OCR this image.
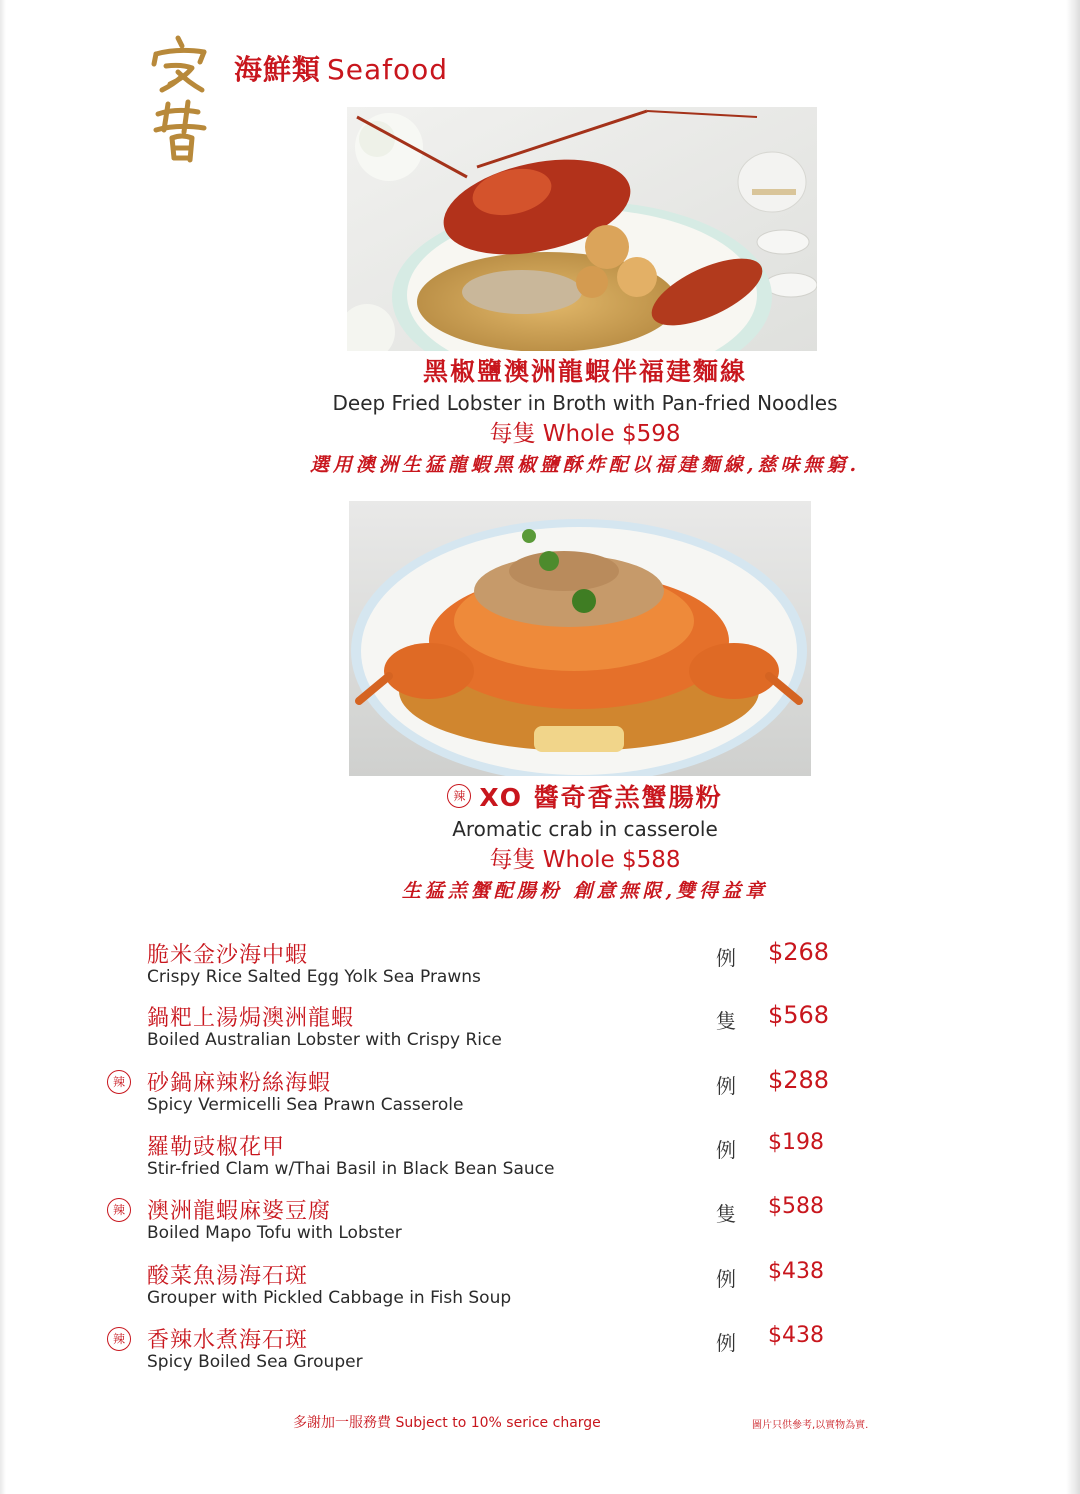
海鮮類 Seafood
黑椒鹽澳洲龍蝦伴福建麵線
Deep Fried Lobster in Broth with Pan-fried Noodles
每隻 Whole $598
選用澳洲生猛龍蝦黑椒鹽酥炸配以福建麵線,慈味無窮.
辣 XO 醬奇香羔蟹腸粉
Aromatic crab in casserole
每隻 Whole $588
生猛羔蟹配腸粉 創意無限,雙得益章
脆米金沙海中蝦
Crispy Rice Salted Egg Yolk Sea Prawns
例 $268
鍋粑上湯焗澳洲龍蝦
Boiled Australian Lobster with Crispy Rice
隻 $568
辣 砂鍋麻辣粉絲海蝦
Spicy Vermicelli Sea Prawn Casserole
例 $288
羅勒豉椒花甲
Stir-fried Clam w/Thai Basil in Black Bean Sauce
例 $198
辣 澳洲龍蝦麻婆豆腐
Boiled Mapo Tofu with Lobster
隻 $588
酸菜魚湯海石斑
Grouper with Pickled Cabbage in Fish Soup
例 $438
辣 香辣水煮海石斑
Spicy Boiled Sea Grouper
例 $438
多謝加一服務費 Subject to 10% serice charge	圖片只供參考,以實物為實.
